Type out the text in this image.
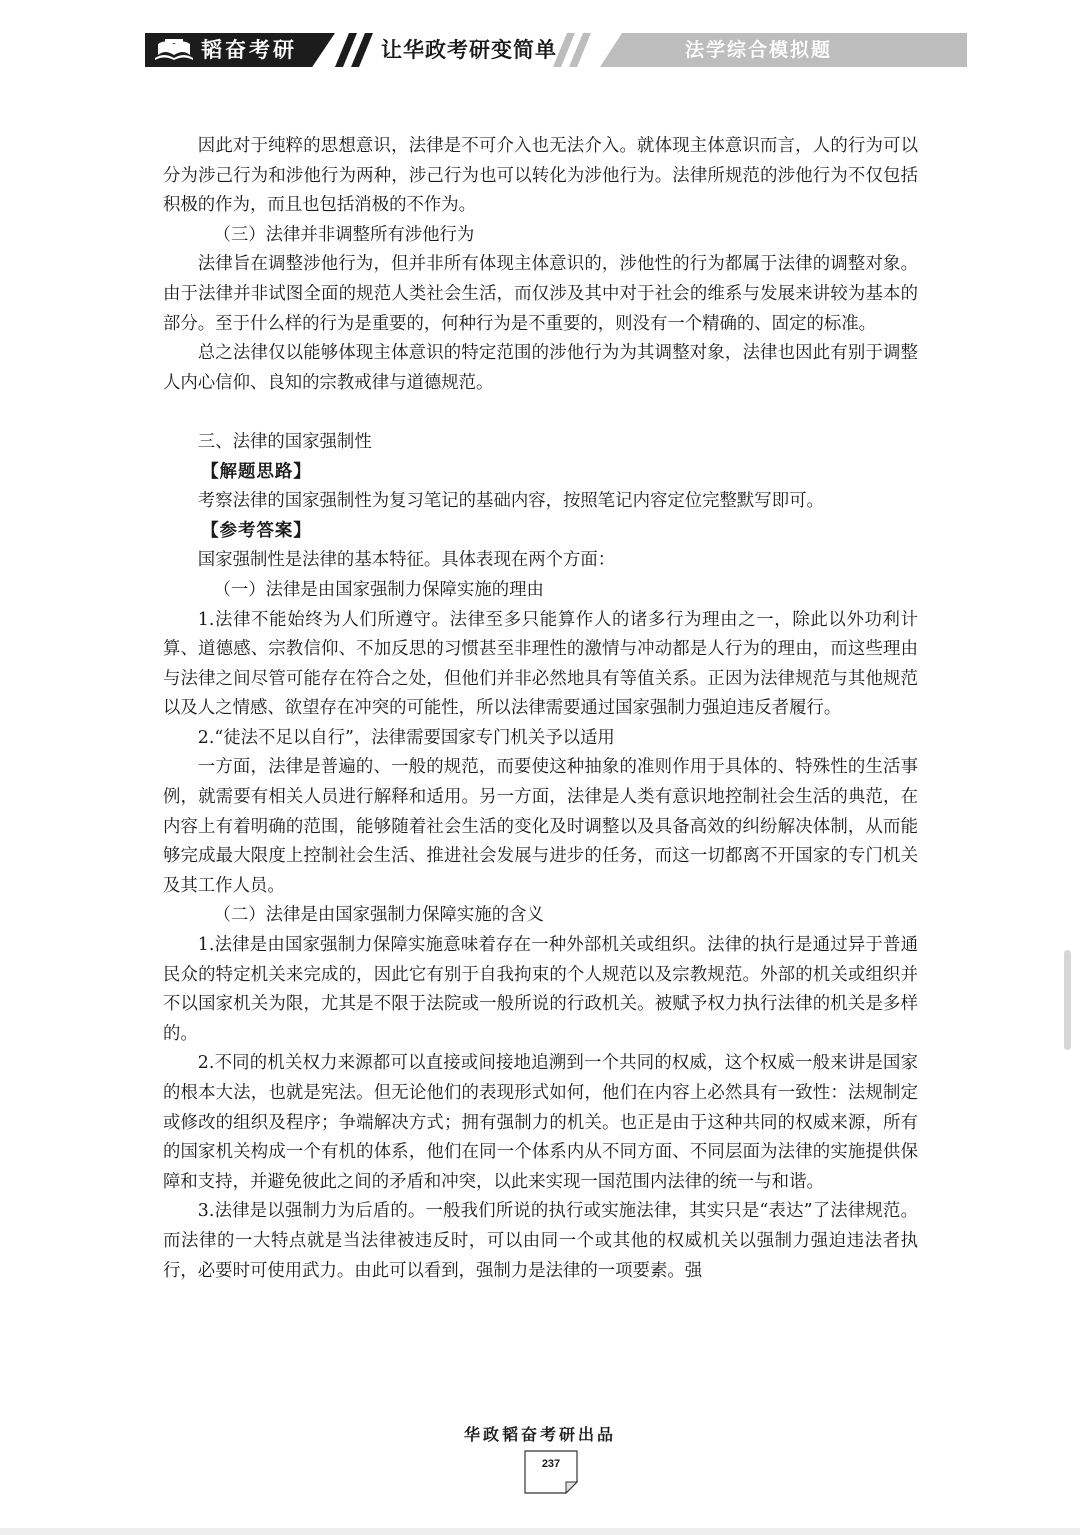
韬奋考研	让华政考研变简单	法学综合模拟题

因此对于纯粹的思想意识，法律是不可介入也无法介入。就体现主体意识而言，人的行为可以分为涉己行为和涉他行为两种，涉己行为也可以转化为涉他行为。法律所规范的涉他行为不仅包括积极的作为，而且也包括消极的不作为。

（三）法律并非调整所有涉他行为

法律旨在调整涉他行为，但并非所有体现主体意识的，涉他性的行为都属于法律的调整对象。由于法律并非试图全面的规范人类社会生活，而仅涉及其中对于社会的维系与发展来讲较为基本的部分。至于什么样的行为是重要的，何种行为是不重要的，则没有一个精确的、固定的标准。

总之法律仅以能够体现主体意识的特定范围的涉他行为为其调整对象，法律也因此有别于调整人内心信仰、良知的宗教戒律与道德规范。

三、法律的国家强制性

【解题思路】

考察法律的国家强制性为复习笔记的基础内容，按照笔记内容定位完整默写即可。

【参考答案】

国家强制性是法律的基本特征。具体表现在两个方面：

（一）法律是由国家强制力保障实施的理由

1.法律不能始终为人们所遵守。法律至多只能算作人的诸多行为理由之一，除此以外功利计算、道德感、宗教信仰、不加反思的习惯甚至非理性的激情与冲动都是人行为的理由，而这些理由与法律之间尽管可能存在符合之处，但他们并非必然地具有等值关系。正因为法律规范与其他规范以及人之情感、欲望存在冲突的可能性，所以法律需要通过国家强制力强迫违反者履行。

2.“徒法不足以自行”，法律需要国家专门机关予以适用

一方面，法律是普遍的、一般的规范，而要使这种抽象的准则作用于具体的、特殊性的生活事例，就需要有相关人员进行解释和适用。另一方面，法律是人类有意识地控制社会生活的典范，在内容上有着明确的范围，能够随着社会生活的变化及时调整以及具备高效的纠纷解决体制，从而能够完成最大限度上控制社会生活、推进社会发展与进步的任务，而这一切都离不开国家的专门机关及其工作人员。

（二）法律是由国家强制力保障实施的含义

1.法律是由国家强制力保障实施意味着存在一种外部机关或组织。法律的执行是通过异于普通民众的特定机关来完成的，因此它有别于自我拘束的个人规范以及宗教规范。外部的机关或组织并不以国家机关为限，尤其是不限于法院或一般所说的行政机关。被赋予权力执行法律的机关是多样的。

2.不同的机关权力来源都可以直接或间接地追溯到一个共同的权威，这个权威一般来讲是国家的根本大法，也就是宪法。但无论他们的表现形式如何，他们在内容上必然具有一致性：法规制定或修改的组织及程序；争端解决方式；拥有强制力的机关。也正是由于这种共同的权威来源，所有的国家机关构成一个有机的体系，他们在同一个体系内从不同方面、不同层面为法律的实施提供保障和支持，并避免彼此之间的矛盾和冲突，以此来实现一国范围内法律的统一与和谐。

3.法律是以强制力为后盾的。一般我们所说的执行或实施法律，其实只是“表达”了法律规范。而法律的一大特点就是当法律被违反时，可以由同一个或其他的权威机关以强制力强迫违法者执行，必要时可使用武力。由此可以看到，强制力是法律的一项要素。强

华政韬奋考研出品
237
